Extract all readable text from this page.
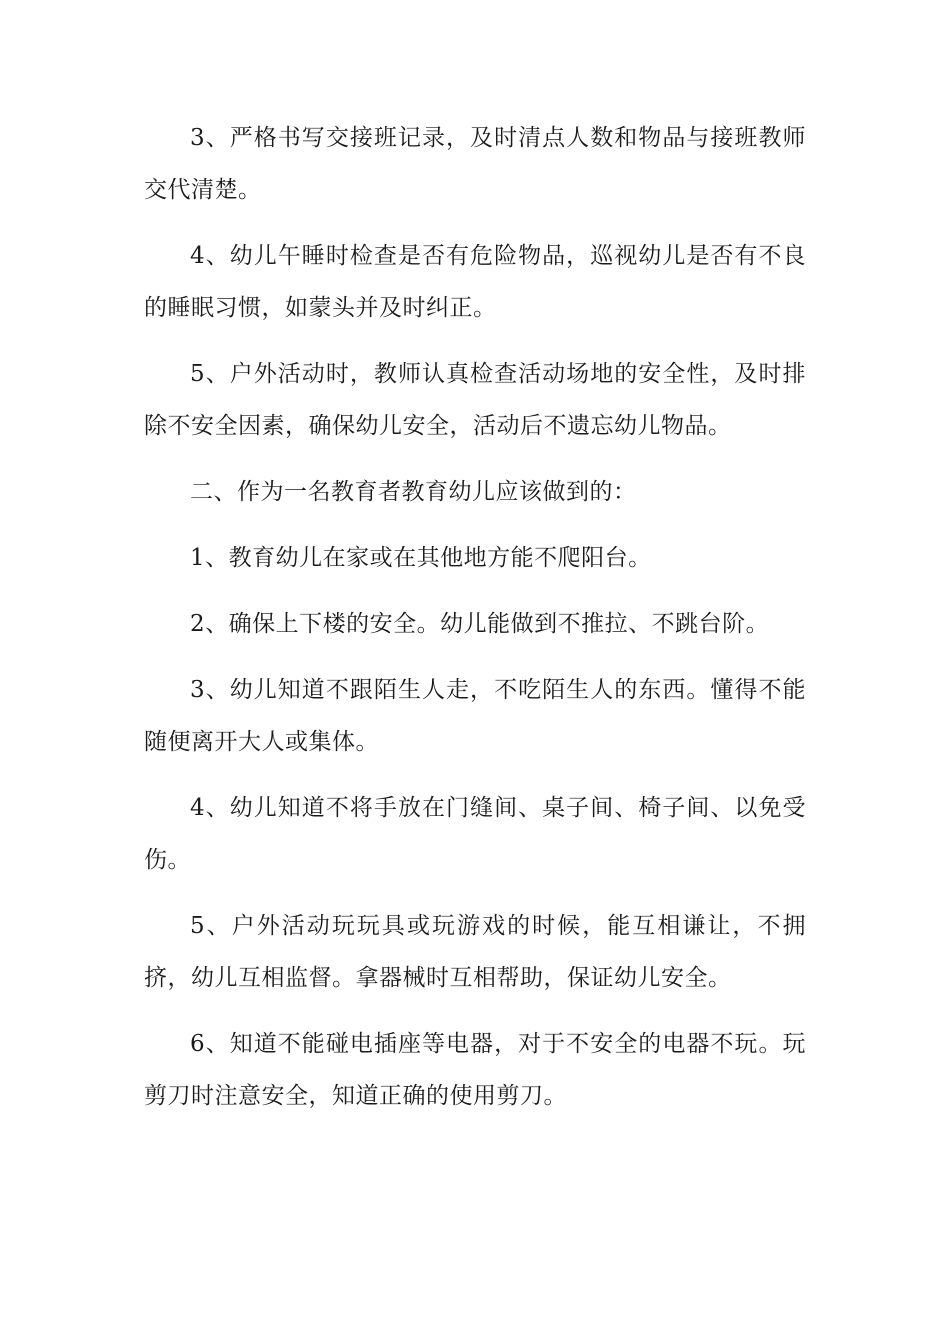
3、严格书写交接班记录，及时清点人数和物品与接班教师交代清楚。

4、幼儿午睡时检查是否有危险物品，巡视幼儿是否有不良的睡眠习惯，如蒙头并及时纠正。

5、户外活动时，教师认真检查活动场地的安全性，及时排除不安全因素，确保幼儿安全，活动后不遗忘幼儿物品。

二、作为一名教育者教育幼儿应该做到的：

1、教育幼儿在家或在其他地方能不爬阳台。

2、确保上下楼的安全。幼儿能做到不推拉、不跳台阶。

3、幼儿知道不跟陌生人走，不吃陌生人的东西。懂得不能随便离开大人或集体。

4、幼儿知道不将手放在门缝间、桌子间、椅子间、以免受伤。

5、户外活动玩玩具或玩游戏的时候，能互相谦让，不拥挤，幼儿互相监督。拿器械时互相帮助，保证幼儿安全。

6、知道不能碰电插座等电器，对于不安全的电器不玩。玩剪刀时注意安全，知道正确的使用剪刀。
